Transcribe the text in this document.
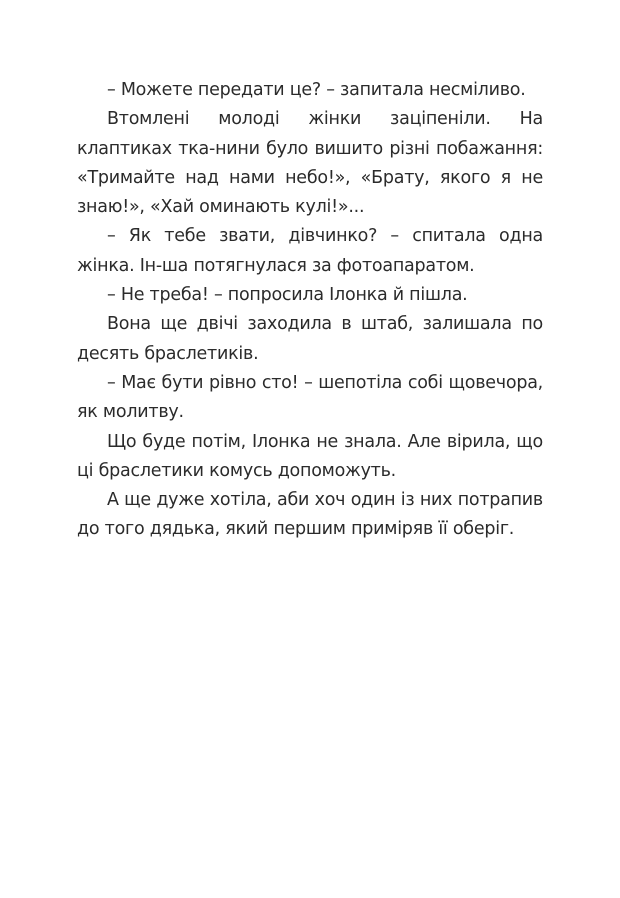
– Можете передати це? – запитала несміливо.

Втомлені молоді жінки заціпеніли. На клаптиках тка-нини було вишито різні побажання: «Тримайте над нами небо!», «Брату, якого я не знаю!», «Хай оминають кулі!»...

– Як тебе звати, дівчинко? – спитала одна жінка. Ін-ша потягнулася за фотоапаратом.

– Не треба! – попросила Ілонка й пішла.

Вона ще двічі заходила в штаб, залишала по десять браслетиків.

– Має бути рівно сто! – шепотіла собі щовечора, як молитву.

Що буде потім, Ілонка не знала. Але вірила, що ці браслетики комусь допоможуть.

А ще дуже хотіла, аби хоч один із них потрапив до того дядька, який першим приміряв її оберіг.
